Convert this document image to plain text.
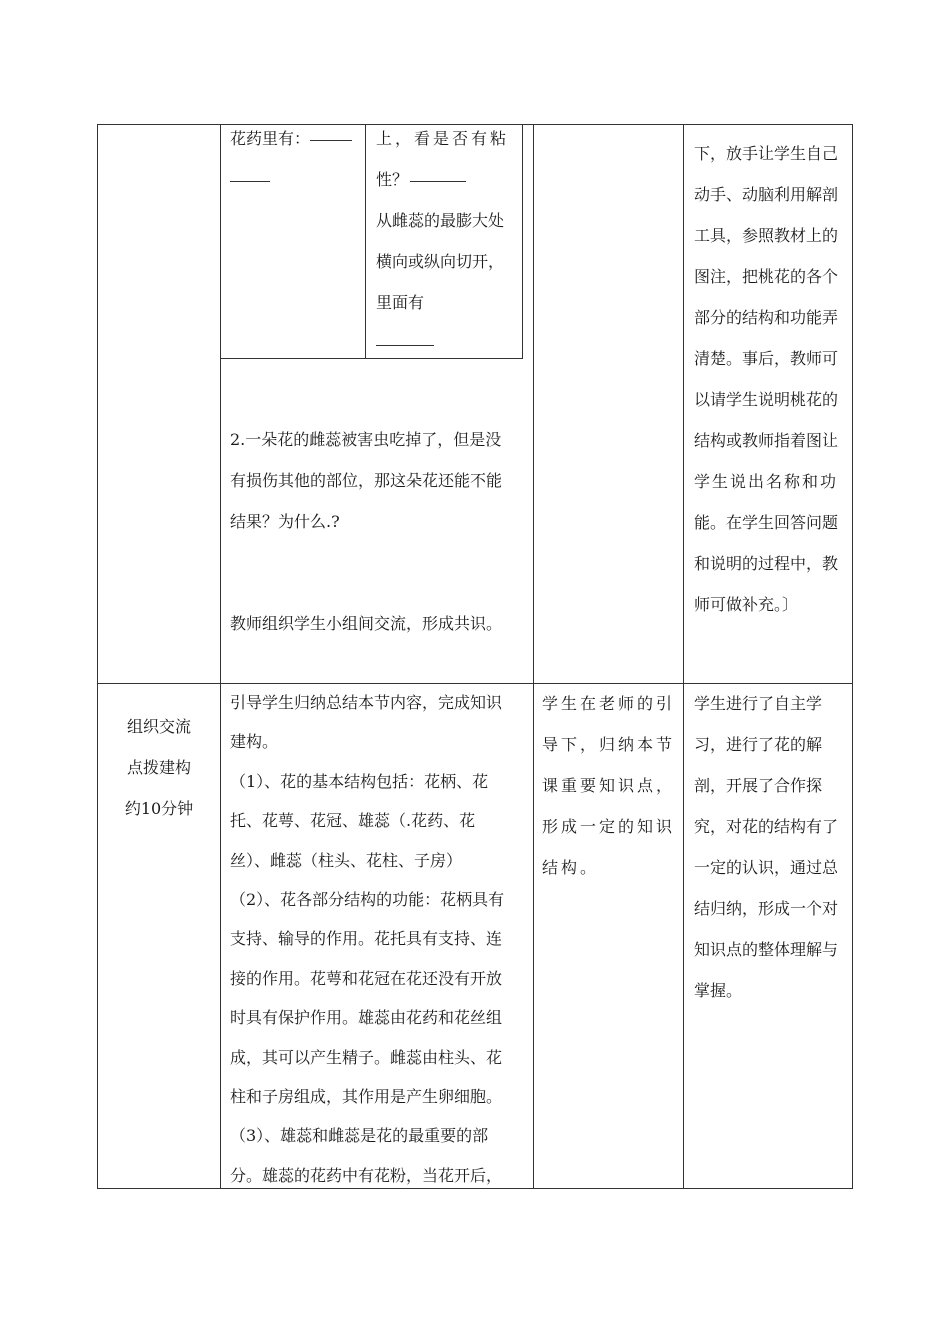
花药里有：	上，看是否有粘

性？

从雌蕊的最膨大处

横向或纵向切开，

里面有

2.一朵花的雌蕊被害虫吃掉了，但是没

有损伤其他的部位，那这朵花还能不能

结果？为什么.?

教师组织学生小组间交流，形成共识。

下，放手让学生自己

动手、动脑利用解剖

工具，参照教材上的

图注，把桃花的各个

部分的结构和功能弄

清楚。事后，教师可

以请学生说明桃花的

结构或教师指着图让

学生说出名称和功

能。在学生回答问题

和说明的过程中，教

师可做补充。〕

组织交流

点拨建构

约10分钟

引导学生归纳总结本节内容，完成知识

建构。

（1）、花的基本结构包括：花柄、花

托、花萼、花冠、雄蕊（.花药、花

丝）、雌蕊（柱头、花柱、子房）

（2）、花各部分结构的功能：花柄具有

支持、输导的作用。花托具有支持、连

接的作用。花萼和花冠在花还没有开放

时具有保护作用。雄蕊由花药和花丝组

成，其可以产生精子。雌蕊由柱头、花

柱和子房组成，其作用是产生卵细胞。

（3）、雄蕊和雌蕊是花的最重要的部

分。雄蕊的花药中有花粉，当花开后，

学生在老师的引

导下，归纳本节

课重要知识点，

形成一定的知识

结构。

学生进行了自主学

习，进行了花的解

剖，开展了合作探

究，对花的结构有了

一定的认识，通过总

结归纳，形成一个对

知识点的整体理解与

掌握。
